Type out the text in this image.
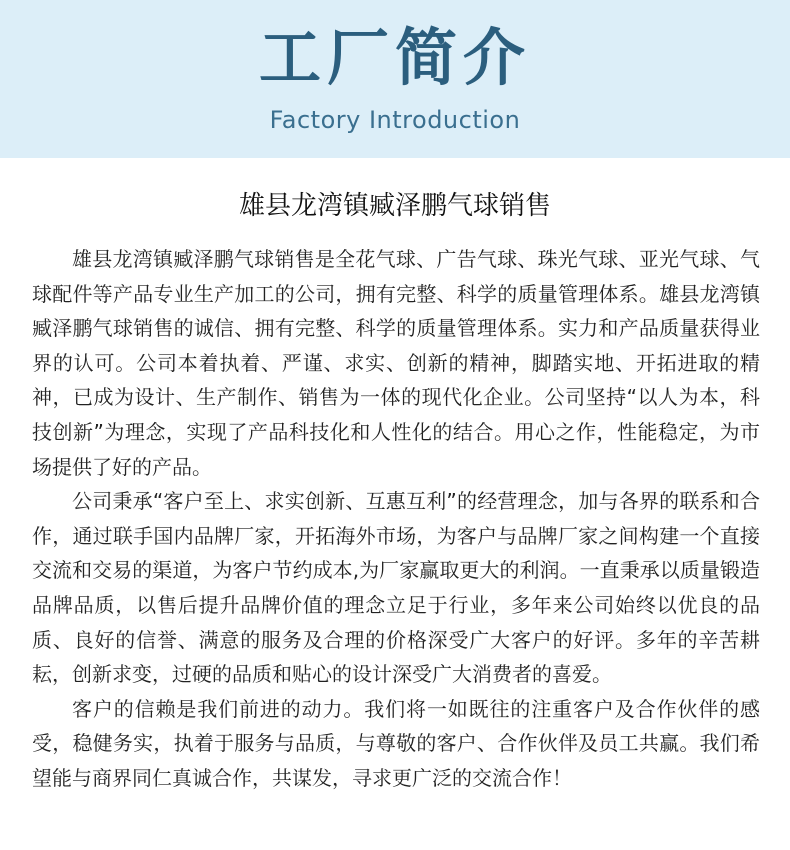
工厂简介
Factory Introduction
雄县龙湾镇臧泽鹏气球销售

雄县龙湾镇臧泽鹏气球销售是全花气球、广告气球、珠光气球、亚光气球、气球配件等产品专业生产加工的公司，拥有完整、科学的质量管理体系。雄县龙湾镇臧泽鹏气球销售的诚信、拥有完整、科学的质量管理体系。实力和产品质量获得业界的认可。公司本着执着、严谨、求实、创新的精神，脚踏实地、开拓进取的精神，已成为设计、生产制作、销售为一体的现代化企业。公司坚持“以人为本，科技创新”为理念，实现了产品科技化和人性化的结合。用心之作，性能稳定，为市场提供了好的产品。

公司秉承“客户至上、求实创新、互惠互利”的经营理念，加与各界的联系和合作，通过联手国内品牌厂家，开拓海外市场，为客户与品牌厂家之间构建一个直接交流和交易的渠道，为客户节约成本,为厂家赢取更大的利润。一直秉承以质量锻造品牌品质，以售后提升品牌价值的理念立足于行业，多年来公司始终以优良的品质、良好的信誉、满意的服务及合理的价格深受广大客户的好评。多年的辛苦耕耘，创新求变，过硬的品质和贴心的设计深受广大消费者的喜爱。

客户的信赖是我们前进的动力。我们将一如既往的注重客户及合作伙伴的感受，稳健务实，执着于服务与品质，与尊敬的客户、合作伙伴及员工共赢。我们希望能与商界同仁真诚合作，共谋发，寻求更广泛的交流合作！
